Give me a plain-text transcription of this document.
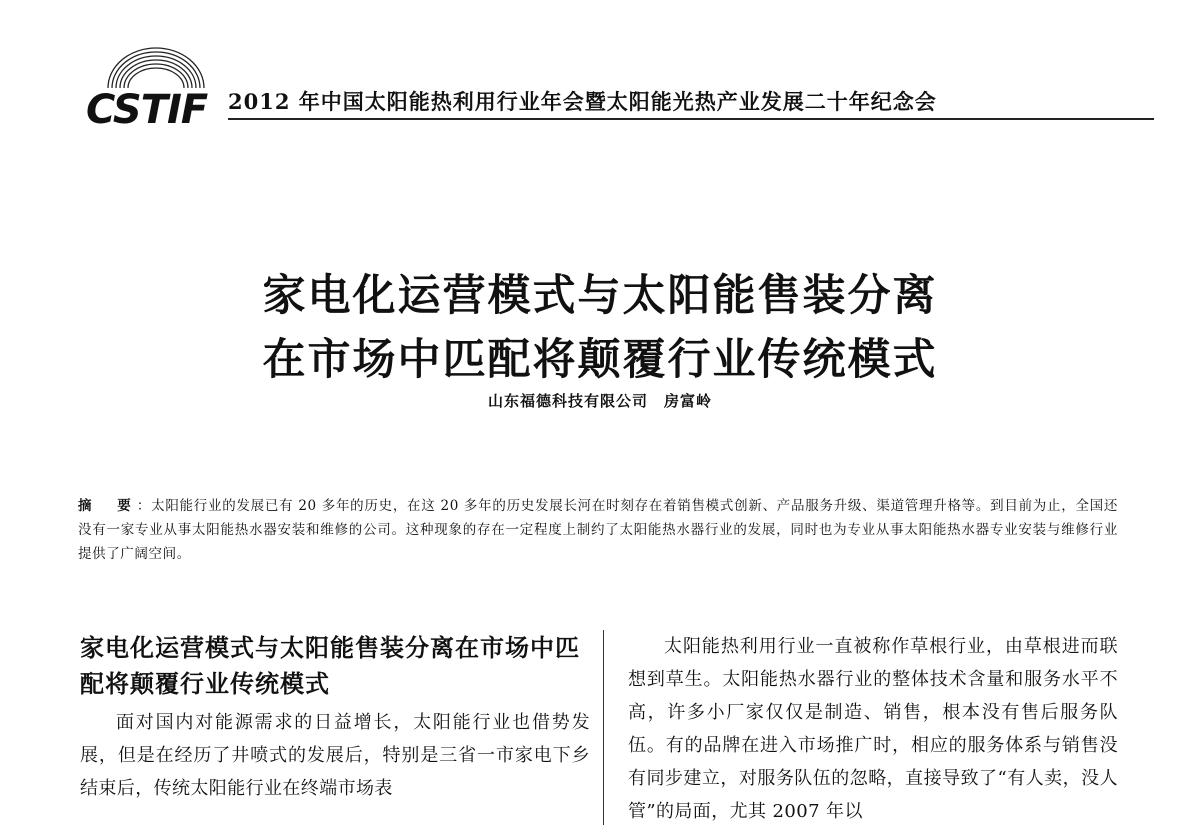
CSTIF 2012 年中国太阳能热利用行业年会暨太阳能光热产业发展二十年纪念会
家电化运营模式与太阳能售装分离
在市场中匹配将颠覆行业传统模式
山东福德科技有限公司　房富岭
摘　要：太阳能行业的发展已有 20 多年的历史，在这 20 多年的历史发展长河在时刻存在着销售模式创新、产品服务升级、渠道管理升格等。到目前为止，全国还没有一家专业从事太阳能热水器安装和维修的公司。这种现象的存在一定程度上制约了太阳能热水器行业的发展，同时也为专业从事太阳能热水器专业安装与维修行业提供了广阔空间。

家电化运营模式与太阳能售装分离在市场中匹配将颠覆行业传统模式

面对国内对能源需求的日益增长，太阳能行业也借势发展，但是在经历了井喷式的发展后，特别是三省一市家电下乡结束后，传统太阳能行业在终端市场表

太阳能热利用行业一直被称作草根行业，由草根进而联想到草生。太阳能热水器行业的整体技术含量和服务水平不高，许多小厂家仅仅是制造、销售，根本没有售后服务队伍。有的品牌在进入市场推广时，相应的服务体系与销售没有同步建立，对服务队伍的忽略，直接导致了“有人卖，没人管”的局面，尤其 2007 年以
